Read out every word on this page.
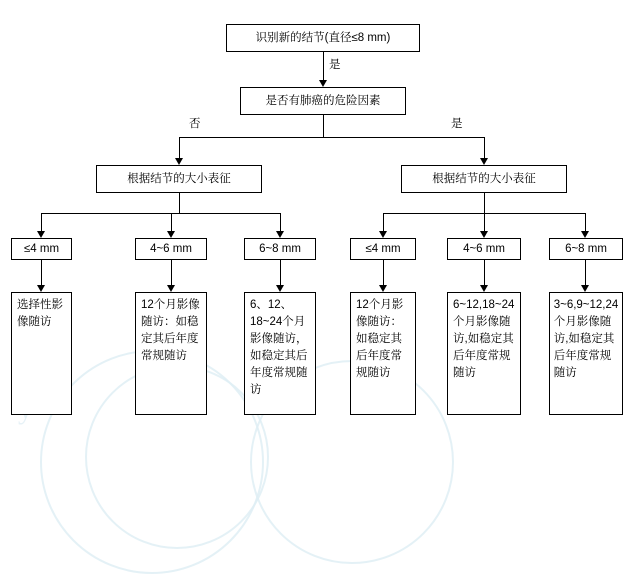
识别新的结节(直径≤8 mm)
是
是否有肺癌的危险因素
否	是
根据结节的大小表征	根据结节的大小表征
≤4 mm	4~6 mm	6~8 mm	≤4 mm	4~6 mm	6~8 mm
选择性影像随访
12个月影像随访：如稳定其后年度常规随访
6、12、18~24个月影像随访，如稳定其后年度常规随访
12个月影像随访：如稳定其后年度常规随访
6~12,18~24个月影像随访,如稳定其后年度常规随访
3~6,9~12,24个月影像随访,如稳定其后年度常规随访
